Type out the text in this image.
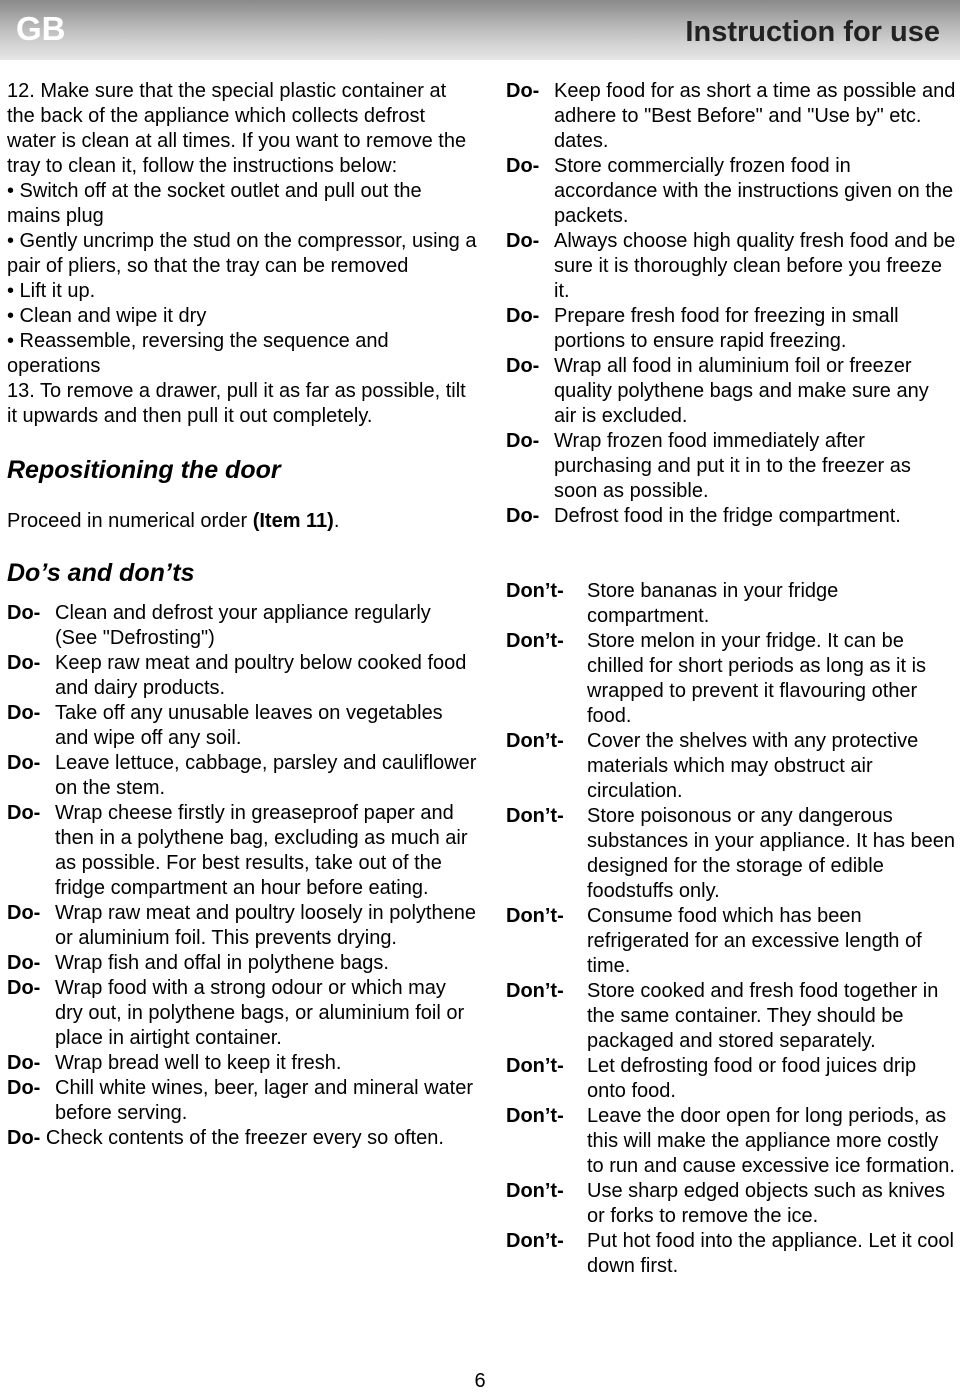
GB	Instruction for use

12. Make sure that the special plastic container at the back of the appliance which collects defrost water is clean at all times. If you want to remove the tray to clean it, follow the instructions below:

• Switch off at the socket outlet and pull out the mains plug

• Gently uncrimp the stud on the compressor, using a pair of pliers, so that the tray can be removed

• Lift it up.

• Clean and wipe it dry

• Reassemble, reversing the sequence and operations

13. To remove a drawer, pull it as far as possible, tilt it upwards and then pull it out completely.

Repositioning the door

Proceed in numerical order (Item 11).

Do’s and don’ts

Do- Clean and defrost your appliance regularly (See "Defrosting")
Do- Keep raw meat and poultry below cooked food and dairy products.
Do- Take off any unusable leaves on vegetables and wipe off any soil.
Do- Leave lettuce, cabbage, parsley and cauliflower on the stem.
Do- Wrap cheese firstly in greaseproof paper and then in a polythene bag, excluding as much air as possible. For best results, take out of the fridge compartment an hour before eating.
Do- Wrap raw meat and poultry loosely in polythene or aluminium foil. This prevents drying.
Do- Wrap fish and offal in polythene bags.
Do- Wrap food with a strong odour or which may dry out, in polythene bags, or aluminium foil or place in airtight container.
Do- Wrap bread well to keep it fresh.
Do- Chill white wines, beer, lager and mineral water before serving.
Do- Check contents of the freezer every so often.
Do- Keep food for as short a time as possible and adhere to "Best Before" and "Use by" etc. dates.
Do- Store commercially frozen food in accordance with the instructions given on the packets.
Do- Always choose high quality fresh food and be sure it is thoroughly clean before you freeze it.
Do- Prepare fresh food for freezing in small portions to ensure rapid freezing.
Do- Wrap all food in aluminium foil or freezer quality polythene bags and make sure any air is excluded.
Do- Wrap frozen food immediately after purchasing and put it in to the freezer as soon as possible.
Do- Defrost food in the fridge compartment.
Don’t- Store bananas in your fridge compartment.
Don’t- Store melon in your fridge. It can be chilled for short periods as long as it is wrapped to prevent it flavouring other food.
Don’t- Cover the shelves with any protective materials which may obstruct air circulation.
Don’t- Store poisonous or any dangerous substances in your appliance. It has been designed for the storage of edible foodstuffs only.
Don’t- Consume food which has been refrigerated for an excessive length of time.
Don’t- Store cooked and fresh food together in the same container. They should be packaged and stored separately.
Don’t- Let defrosting food or food juices drip onto food.
Don’t- Leave the door open for long periods, as this will make the appliance more costly to run and cause excessive ice formation.
Don’t- Use sharp edged objects such as knives or forks to remove the ice.
Don’t- Put hot food into the appliance. Let it cool down first.
6
